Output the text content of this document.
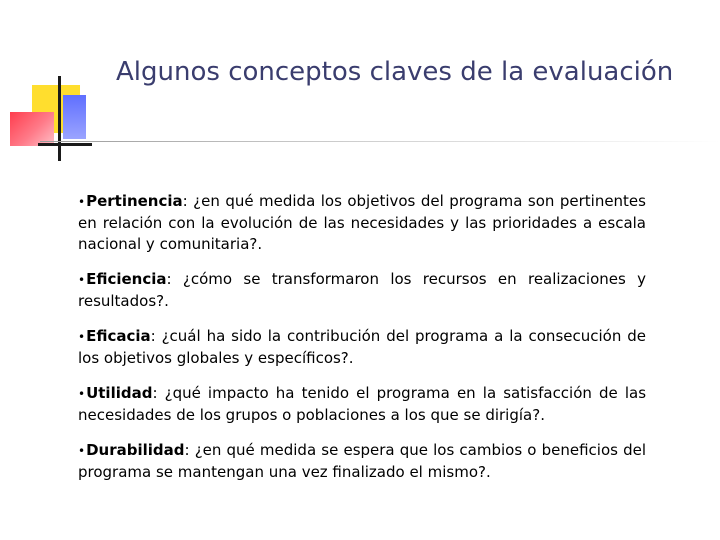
Algunos conceptos claves de la evaluación

•Pertinencia: ¿en qué medida los objetivos del programa son pertinentes en relación con la evolución de las necesidades y las prioridades a escala nacional y comunitaria?.

•Eficiencia: ¿cómo se transformaron los recursos en realizaciones y resultados?.

•Eficacia: ¿cuál ha sido la contribución del programa a la consecución de los objetivos globales y específicos?.

•Utilidad: ¿qué impacto ha tenido el programa en la satisfacción de las necesidades de los grupos o poblaciones a los que se dirigía?.

•Durabilidad: ¿en qué medida se espera que los cambios o beneficios del programa se mantengan una vez finalizado el mismo?.
